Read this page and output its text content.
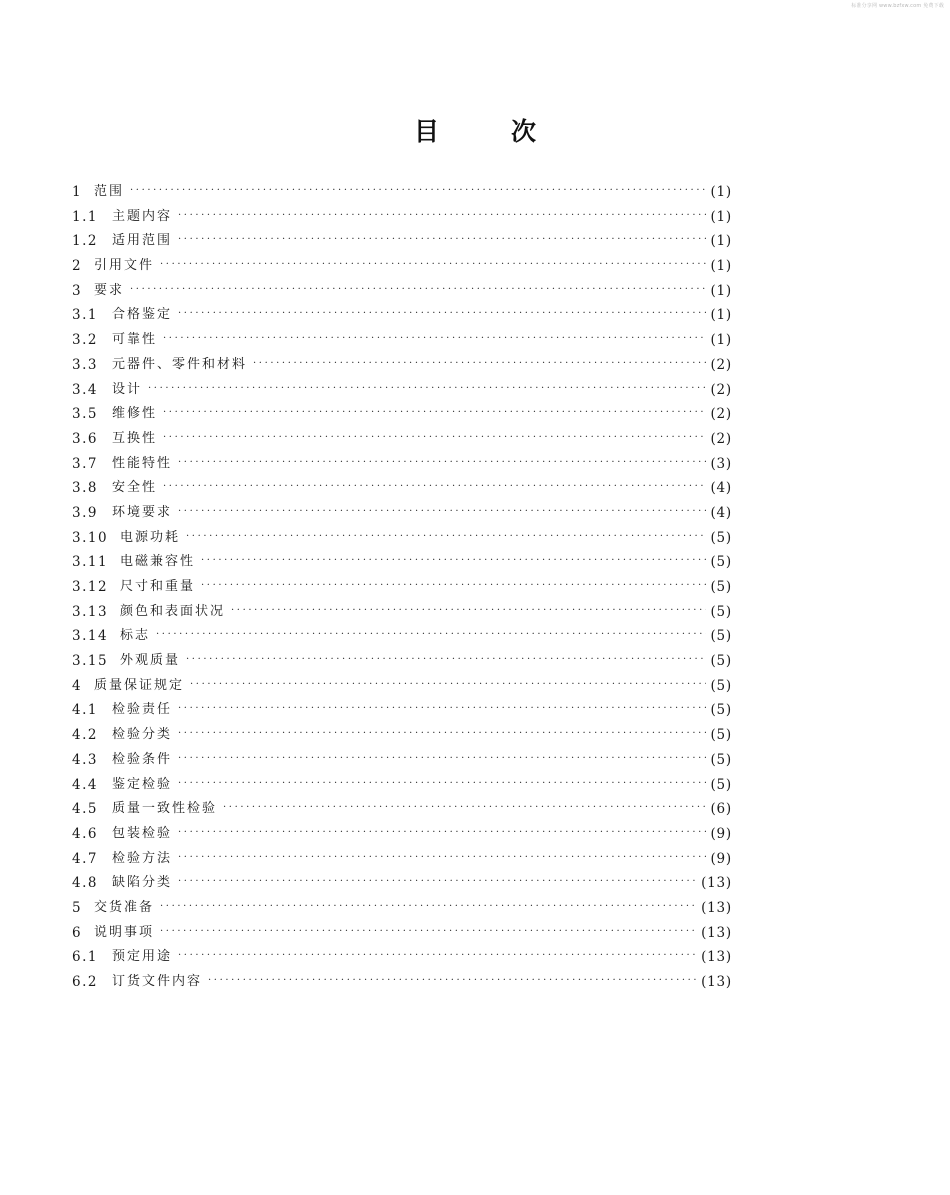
标准分享网 www.bzfxw.com 免费下载
目	次
1 范围 ·····	(1)
1.1	主题内容 ·····	(1)
1.2	适用范围 ·····	(1)
2 引用文件 ·····	(1)
3 要求 ·····	(1)
3.1	合格鉴定 ·····	(1)
3.2	可靠性 ·····	(1)
3.3	元器件、零件和材料 ·····	(2)
3.4	设计 ·····	(2)
3.5	维修性 ·····	(2)
3.6	互换性 ·····	(2)
3.7	性能特性 ·····	(3)
3.8	安全性 ·····	(4)
3.9	环境要求 ·····	(4)
3.10 电源功耗 ·····	(5)
3.11 电磁兼容性 ·····	(5)
3.12 尺寸和重量 ·····	(5)
3.13 颜色和表面状况 ·····	(5)
3.14 标志 ·····	(5)
3.15 外观质量 ·····	(5)
4 质量保证规定 ·····	(5)
4.1	检验责任 ·····	(5)
4.2	检验分类 ·····	(5)
4.3	检验条件 ·····	(5)
4.4	鉴定检验 ·····	(5)
4.5	质量一致性检验 ·····	(6)
4.6	包装检验 ·····	(9)
4.7	检验方法 ·····	(9)
4.8	缺陷分类 ·····	(13)
5 交货准备 ·····	(13)
6 说明事项 ·····	(13)
6.1	预定用途 ·····	(13)
6.2	订货文件内容 ·····	(13)
